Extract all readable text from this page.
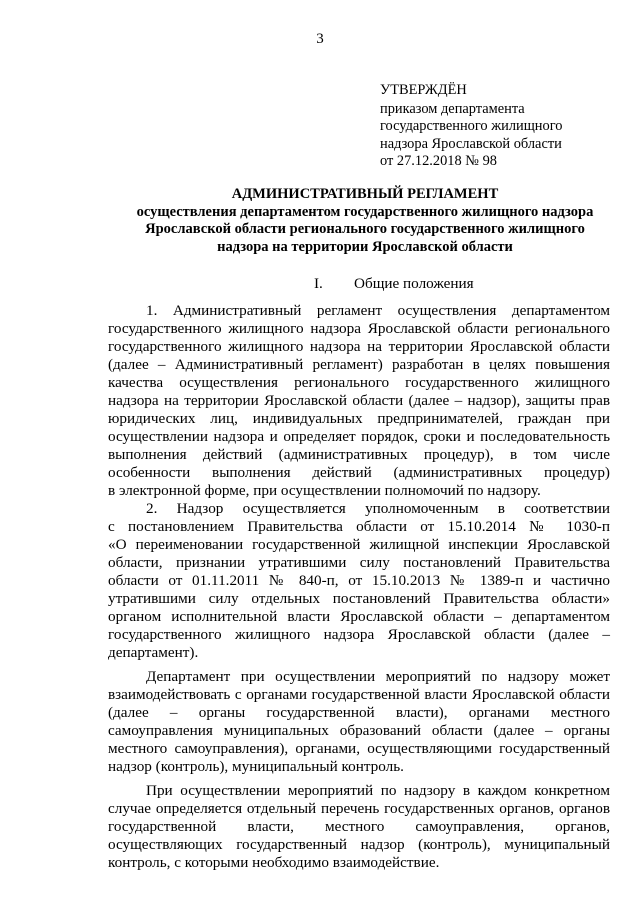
3
УТВЕРЖДЁН
приказом департамента
государственного жилищного
надзора Ярославской области
от 27.12.2018 № 98
АДМИНИСТРАТИВНЫЙ РЕГЛАМЕНТ
осуществления департаментом государственного жилищного надзора
Ярославской области регионального государственного жилищного
надзора на территории Ярославской области
I. Общие положения

1. Административный регламент осуществления департаментом
государственного жилищного надзора Ярославской области регионального
государственного жилищного надзора на территории Ярославской области
(далее – Административный регламент) разработан в целях повышения
качества осуществления регионального государственного жилищного
надзора на территории Ярославской области (далее – надзор), защиты прав
юридических лиц, индивидуальных предпринимателей, граждан при
осуществлении надзора и определяет порядок, сроки и последовательность
выполнения действий (административных процедур), в том числе
особенности выполнения действий (административных процедур)
в электронной форме, при осуществлении полномочий по надзору.

2. Надзор осуществляется уполномоченным в соответствии
с постановлением Правительства области от 15.10.2014 № 1030-п
«О переименовании государственной жилищной инспекции Ярославской
области, признании утратившими силу постановлений Правительства
области от 01.11.2011 № 840-п, от 15.10.2013 № 1389-п и частично
утратившими силу отдельных постановлений Правительства области»
органом исполнительной власти Ярославской области – департаментом
государственного жилищного надзора Ярославской области (далее –
департамент).

Департамент при осуществлении мероприятий по надзору может
взаимодействовать с органами государственной власти Ярославской области
(далее – органы государственной власти), органами местного
самоуправления муниципальных образований области (далее – органы
местного самоуправления), органами, осуществляющими государственный
надзор (контроль), муниципальный контроль.

При осуществлении мероприятий по надзору в каждом конкретном
случае определяется отдельный перечень государственных органов, органов
государственной власти, местного самоуправления, органов,
осуществляющих государственный надзор (контроль), муниципальный
контроль, с которыми необходимо взаимодействие.
